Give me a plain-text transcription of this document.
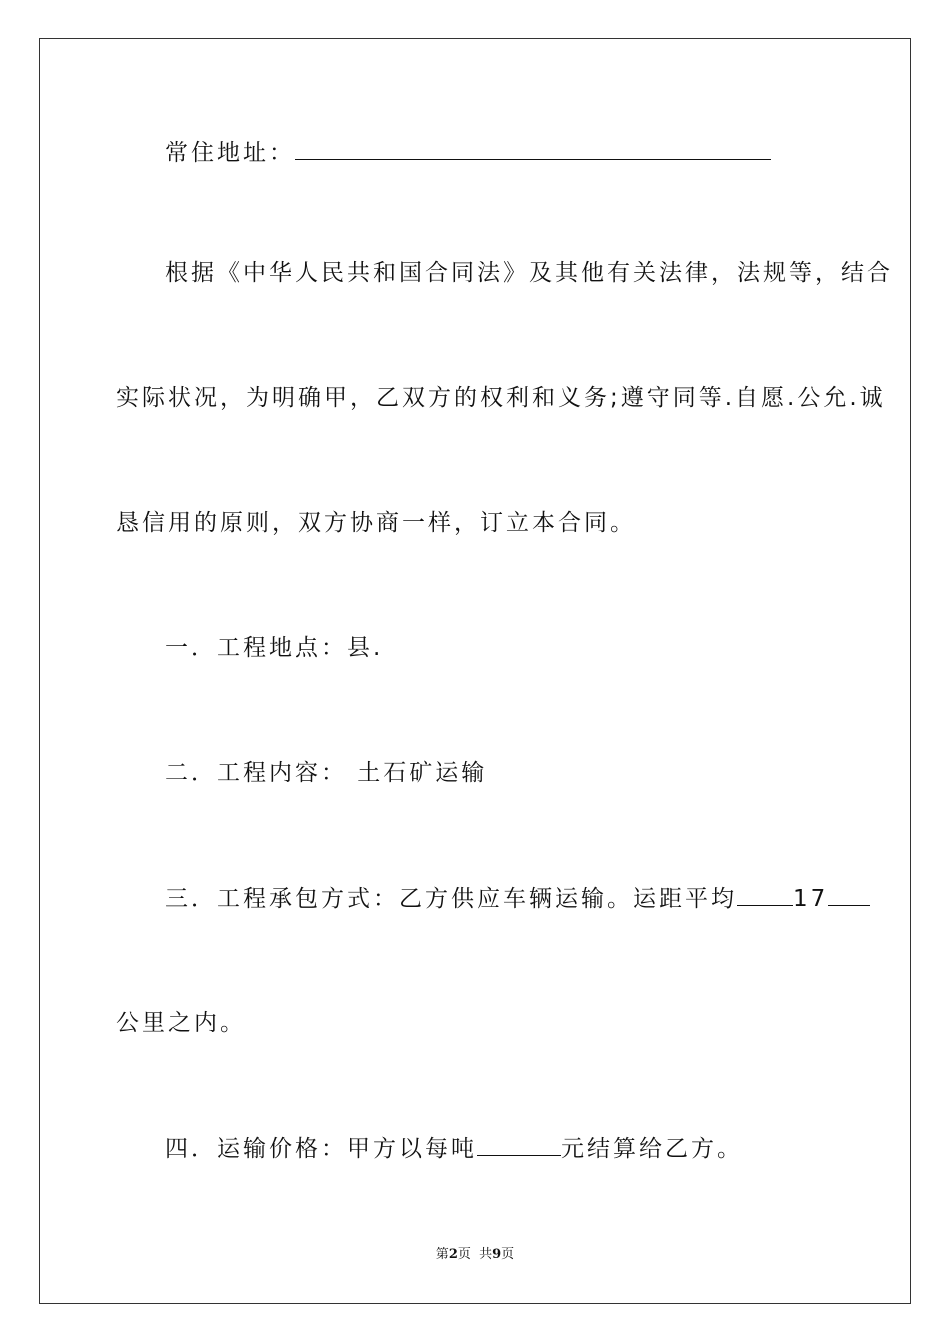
常住地址：
根据《中华人民共和国合同法》及其他有关法律，法规等，结合
实际状况，为明确甲，乙双方的权利和义务;遵守同等.自愿.公允.诚
恳信用的原则，双方协商一样，订立本合同。
一．工程地点：县.
二．工程内容： 土石矿运输
三．工程承包方式：乙方供应车辆运输。运距平均 17
公里之内。
四．运输价格：甲方以每吨	元结算给乙方。
第2页  共9页
